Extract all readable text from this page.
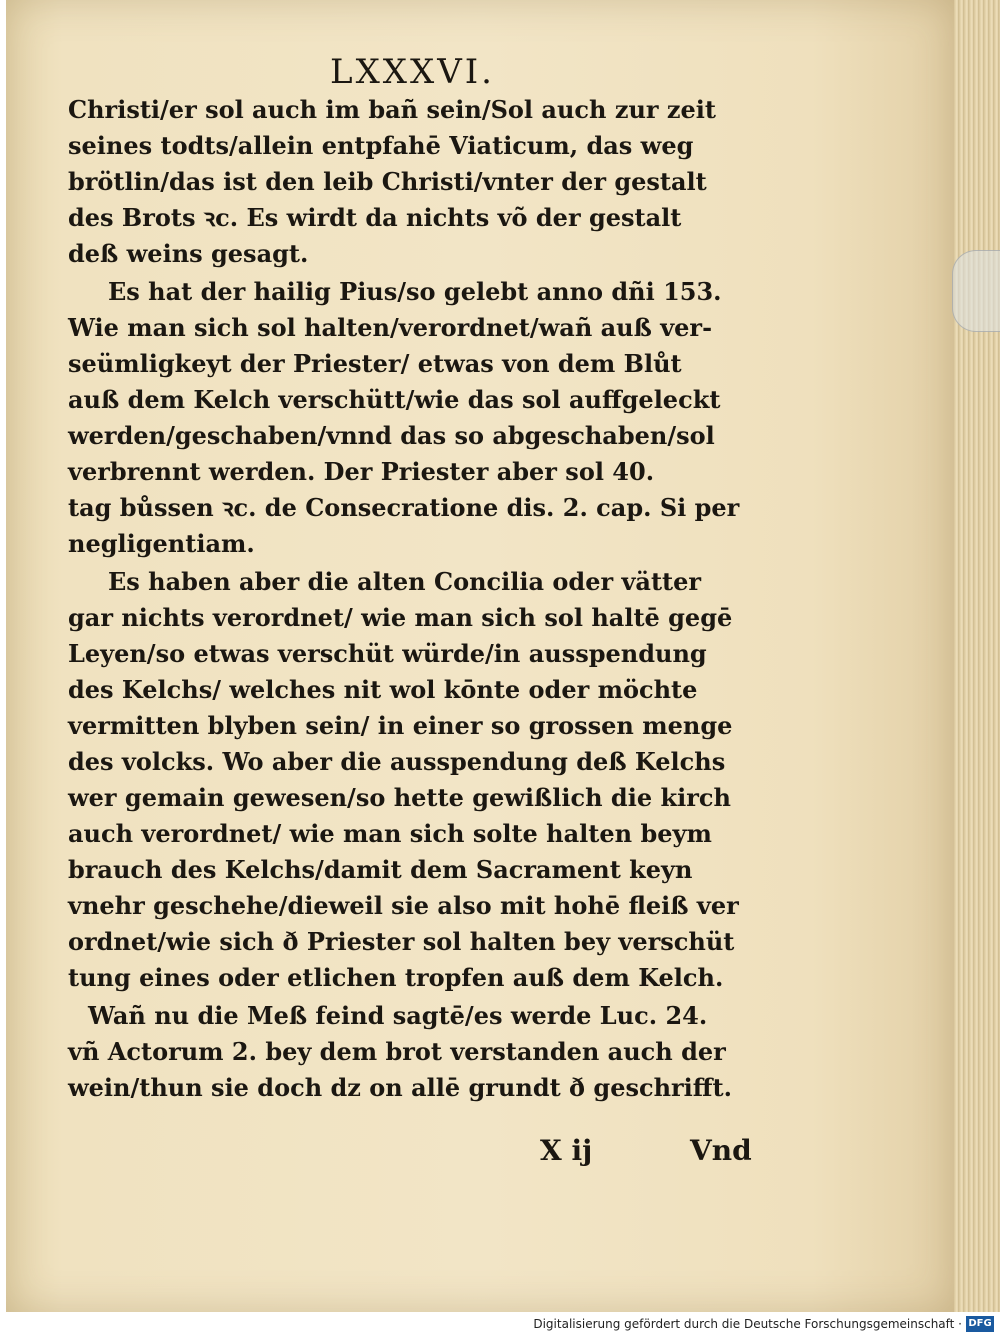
LXXXVI.
Christi/er sol auch im bañ sein/Sol auch zur zeit
seines todts/allein entpfahē Viaticum, das weg
brötlin/das ist den leib Christi/vnter der gestalt
des Brots ꝛc. Es wirdt da nichts võ der gestalt
deß weins gesagt.
Es hat der hailig Pius/so gelebt anno dñi 153.
Wie man sich sol halten/verordnet/wañ auß ver-
seümligkeyt der Priester/ etwas von dem Blůt
auß dem Kelch verschütt/wie das sol auffgeleckt
werden/geschaben/vnnd das so abgeschaben/sol
verbrennt werden. Der Priester aber sol 40.
tag bůssen ꝛc. de Consecratione dis. 2. cap. Si per
negligentiam.
Es haben aber die alten Concilia oder vätter
gar nichts verordnet/ wie man sich sol haltē gegē
Leyen/so etwas verschüt würde/in ausspendung
des Kelchs/ welches nit wol kōnte oder möchte
vermitten blyben sein/ in einer so grossen menge
des volcks. Wo aber die ausspendung deß Kelchs
wer gemain gewesen/so hette gewißlich die kirch
auch verordnet/ wie man sich solte halten beym
brauch des Kelchs/damit dem Sacrament keyn
vnehr geschehe/dieweil sie also mit hohē fleiß ver
ordnet/wie sich ð Priester sol halten bey verschüt
tung eines oder etlichen tropfen auß dem Kelch.
Wañ nu die Meß feind sagtē/es werde Luc. 24.
vñ Actorum 2. bey dem brot verstanden auch der
wein/thun sie doch dz on allē grundt ð geschrifft.
X ij	Vnd
Digitalisierung gefördert durch die Deutsche Forschungsgemeinschaft · DFG
